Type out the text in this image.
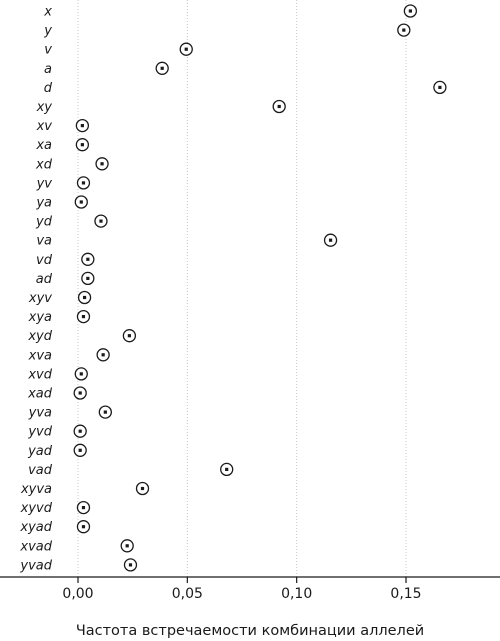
x
y
v
a
d
xy
xv
xa
xd
yv
ya
yd
va
vd
ad
xyv
xya
xyd
xva
xvd
xad
yva
yvd
yad
vad
xyva
xyvd
xyad
xvad
yvad
0,00	0,05	0,10	0,15
Частота встречаемости комбинации аллелей
